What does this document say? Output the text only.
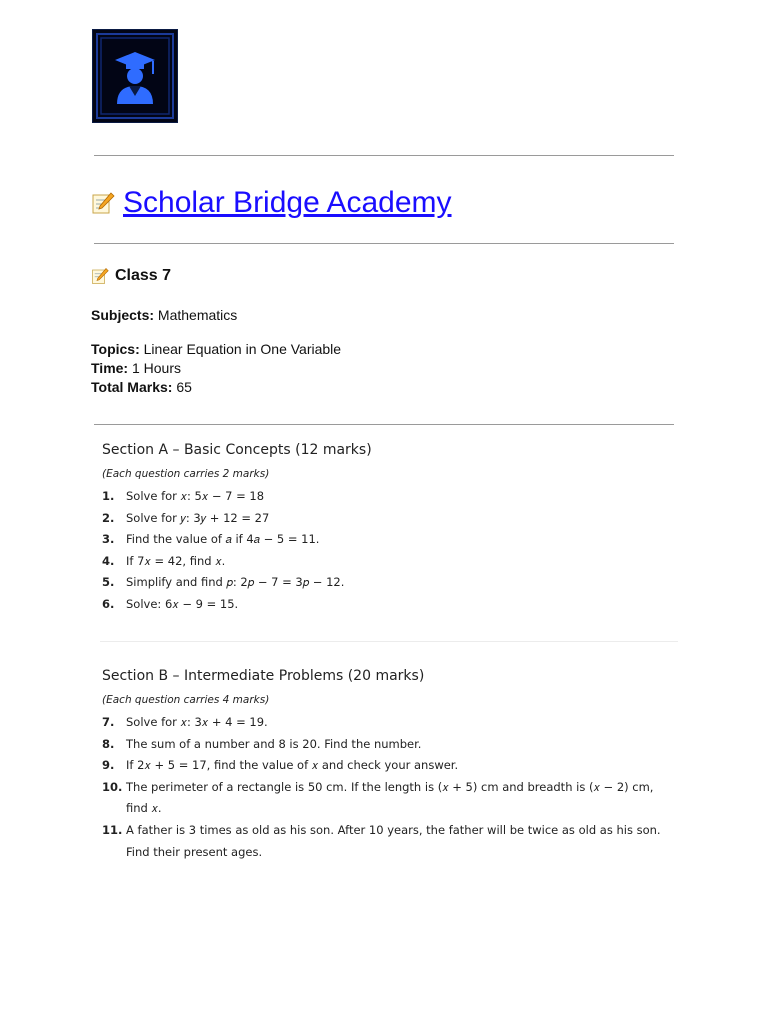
Scholar Bridge Academy
Class 7
Subjects: Mathematics
Topics: Linear Equation in One Variable
Time: 1 Hours
Total Marks: 65
Section A – Basic Concepts (12 marks)
(Each question carries 2 marks)
1.	Solve for 𝑥: 5𝑥 − 7 = 18
2.	Solve for 𝑦: 3𝑦 + 12 = 27
3.	Find the value of 𝑎 if 4𝑎 − 5 = 11.
4.	If 7𝑥 = 42, find 𝑥.
5.	Simplify and find 𝑝: 2𝑝 − 7 = 3𝑝 − 12.
6.	Solve: 6𝑥 − 9 = 15.
Section B – Intermediate Problems (20 marks)
(Each question carries 4 marks)
7.	Solve for 𝑥: 3𝑥 + 4 = 19.
8.	The sum of a number and 8 is 20. Find the number.
9.	If 2𝑥 + 5 = 17, find the value of 𝑥 and check your answer.
10. The perimeter of a rectangle is 50 cm. If the length is (𝑥 + 5) cm and breadth is (𝑥 − 2) cm, find 𝑥.
11. A father is 3 times as old as his son. After 10 years, the father will be twice as old as his son. Find their present ages.
